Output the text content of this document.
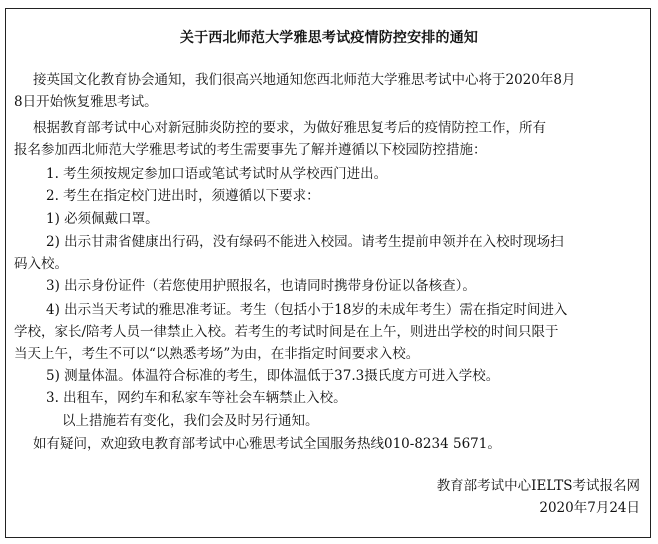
关于西北师范大学雅思考试疫情防控安排的通知
接英国文化教育协会通知，我们很高兴地通知您西北师范大学雅思考试中心将于2020年8月
8日开始恢复雅思考试。
根据教育部考试中心对新冠肺炎防控的要求，为做好雅思复考后的疫情防控工作，所有
报名参加西北师范大学雅思考试的考生需要事先了解并遵循以下校园防控措施：
1. 考生须按规定参加口语或笔试考试时从学校西门进出。
2. 考生在指定校门进出时，须遵循以下要求：
1) 必须佩戴口罩。
2) 出示甘肃省健康出行码，没有绿码不能进入校园。请考生提前申领并在入校时现场扫
码入校。
3) 出示身份证件（若您使用护照报名，也请同时携带身份证以备核查）。
4) 出示当天考试的雅思准考证。考生（包括小于18岁的未成年考生）需在指定时间进入
学校，家长/陪考人员一律禁止入校。若考生的考试时间是在上午，则进出学校的时间只限于
当天上午，考生不可以“以熟悉考场”为由，在非指定时间要求入校。
5) 测量体温。体温符合标准的考生，即体温低于37.3摄氏度方可进入学校。
3. 出租车，网约车和私家车等社会车辆禁止入校。
以上措施若有变化，我们会及时另行通知。
如有疑问，欢迎致电教育部考试中心雅思考试全国服务热线010-8234 5671。
教育部考试中心IELTS考试报名网
2020年7月24日
